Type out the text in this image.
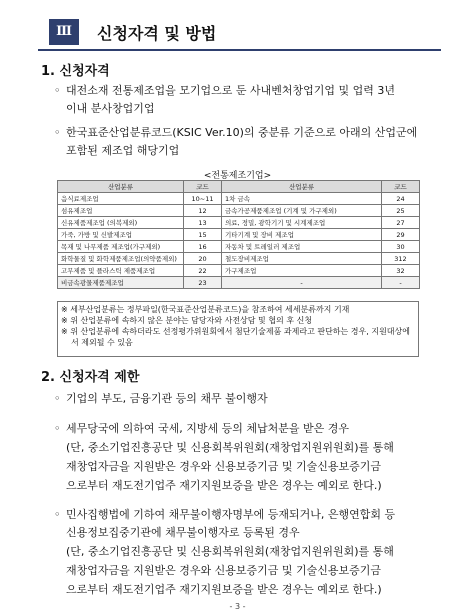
Ⅲ	신청자격 및 방법
1. 신청자격
◦ 대전소재 전통제조업을 모기업으로 둔 사내벤처창업기업 및 업력 3년
이내 분사창업기업
◦ 한국표준산업분류코드(KSIC Ver.10)의 중분류 기준으로 아래의 산업군에
포함된 제조업 해당기업
<전통제조기업>
산업분류	코드	산업분류	코드
음식료제조업	10~11	1차 금속	24
섬유제조업	12	금속가공제품제조업 (기계 및 가구제외)	25
신유제품제조업 (의복제외)	13	의료, 정밀, 광학기기 및 시계제조업	27
가죽, 가방 및 신발제조업	15	기타기계 및 장비 제조업	29
목재 및 나무제품 제조업(가구제외)	16	자동차 및 트레일러 제조업	30
화학물질 및 화학제품제조업(의약품제외)	20	철도장비제조업	312
고무제품 및 플라스틱 제품제조업	22	가구제조업	32
비금속광물제품제조업	23	-	-
※ 세부산업분류는 정부파일(한국표준산업분류코드)을 참조하여 세세분류까지 기재
※ 위 산업분류에 속하지 않은 분야는 담당자와 사전상담 및 협의 후 신청
※ 위 산업분류에 속하더라도 선정평가위원회에서 첨단기술제품 과제라고 판단하는 경우, 지원대상에서 제외될 수 있음
2. 신청자격 제한
◦ 기업의 부도, 금융기관 등의 채무 불이행자
◦ 세무당국에 의하여 국세, 지방세 등의 체납처분을 받은 경우
(단, 중소기업진흥공단 및 신용회복위원회(재창업지원위원회)를 통해
재창업자금을 지원받은 경우와 신용보증기금 및 기술신용보증기금
으로부터 재도전기업주 재기지원보증을 받은 경우는 예외로 한다.)
◦ 민사집행법에 기하여 채무불이행자명부에 등재되거나, 은행연합회 등
신용정보집중기관에 채무불이행자로 등록된 경우
(단, 중소기업진흥공단 및 신용회복위원회(재창업지원위원회)를 통해
재창업자금을 지원받은 경우와 신용보증기금 및 기술신용보증기금
으로부터 재도전기업주 재기지원보증을 받은 경우는 예외로 한다.)
- 3 -
